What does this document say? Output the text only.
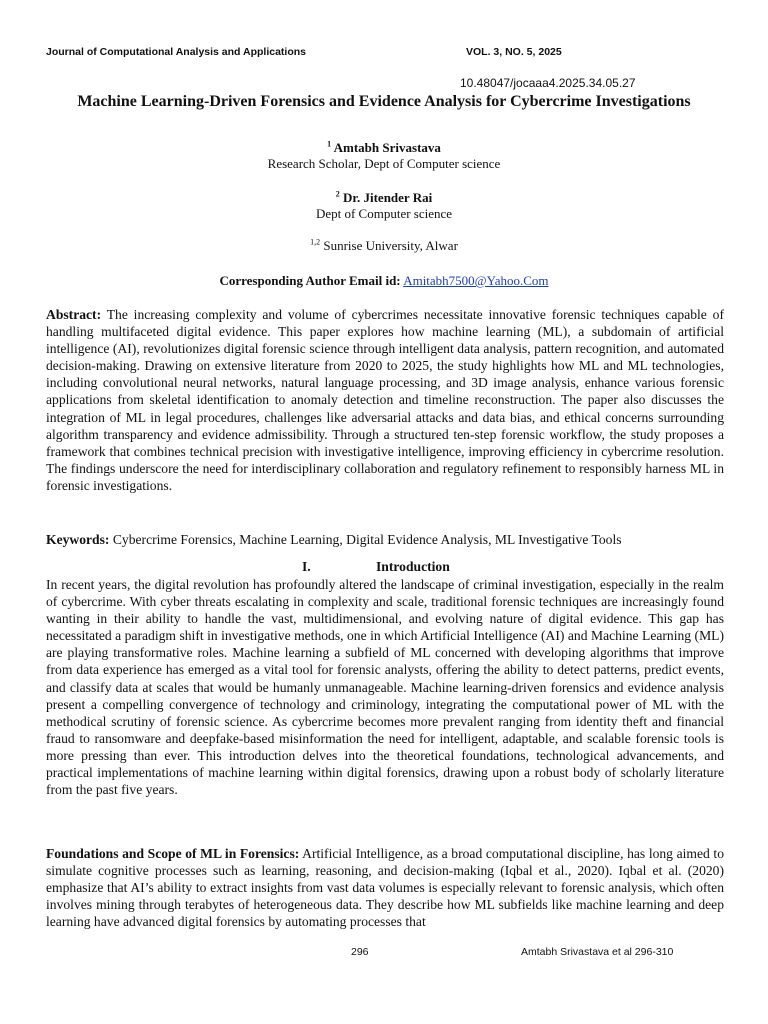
Journal of Computational Analysis and Applications	VOL. 3, NO. 5, 2025
10.48047/jocaaa4.2025.34.05.27
Machine Learning-Driven Forensics and Evidence Analysis for Cybercrime Investigations
$^1$ Amtabh Srivastava
Research Scholar, Dept of Computer science
$^2$ Dr. Jitender Rai
Dept of Computer science
$^{1,2}$ Sunrise University, Alwar
Corresponding Author Email id: Amitabh7500@Yahoo.Com
Abstract: The increasing complexity and volume of cybercrimes necessitate innovative forensic techniques capable of handling multifaceted digital evidence. This paper explores how machine learning (ML), a subdomain of artificial intelligence (AI), revolutionizes digital forensic science through intelligent data analysis, pattern recognition, and automated decision-making. Drawing on extensive literature from 2020 to 2025, the study highlights how ML and ML technologies, including convolutional neural networks, natural language processing, and 3D image analysis, enhance various forensic applications from skeletal identification to anomaly detection and timeline reconstruction. The paper also discusses the integration of ML in legal procedures, challenges like adversarial attacks and data bias, and ethical concerns surrounding algorithm transparency and evidence admissibility. Through a structured ten-step forensic workflow, the study proposes a framework that combines technical precision with investigative intelligence, improving efficiency in cybercrime resolution. The findings underscore the need for interdisciplinary collaboration and regulatory refinement to responsibly harness ML in forensic investigations.
Keywords: Cybercrime Forensics, Machine Learning, Digital Evidence Analysis, ML Investigative Tools
I.	Introduction
In recent years, the digital revolution has profoundly altered the landscape of criminal investigation, especially in the realm of cybercrime. With cyber threats escalating in complexity and scale, traditional forensic techniques are increasingly found wanting in their ability to handle the vast, multidimensional, and evolving nature of digital evidence. This gap has necessitated a paradigm shift in investigative methods, one in which Artificial Intelligence (AI) and Machine Learning (ML) are playing transformative roles. Machine learning a subfield of ML concerned with developing algorithms that improve from data experience has emerged as a vital tool for forensic analysts, offering the ability to detect patterns, predict events, and classify data at scales that would be humanly unmanageable. Machine learning-driven forensics and evidence analysis present a compelling convergence of technology and criminology, integrating the computational power of ML with the methodical scrutiny of forensic science. As cybercrime becomes more prevalent ranging from identity theft and financial fraud to ransomware and deepfake-based misinformation the need for intelligent, adaptable, and scalable forensic tools is more pressing than ever. This introduction delves into the theoretical foundations, technological advancements, and practical implementations of machine learning within digital forensics, drawing upon a robust body of scholarly literature from the past five years.
Foundations and Scope of ML in Forensics: Artificial Intelligence, as a broad computational discipline, has long aimed to simulate cognitive processes such as learning, reasoning, and decision-making (Iqbal et al., 2020). Iqbal et al. (2020) emphasize that AI’s ability to extract insights from vast data volumes is especially relevant to forensic analysis, which often involves mining through terabytes of heterogeneous data. They describe how ML subfields like machine learning and deep learning have advanced digital forensics by automating processes that
296	Amtabh Srivastava et al 296-310
